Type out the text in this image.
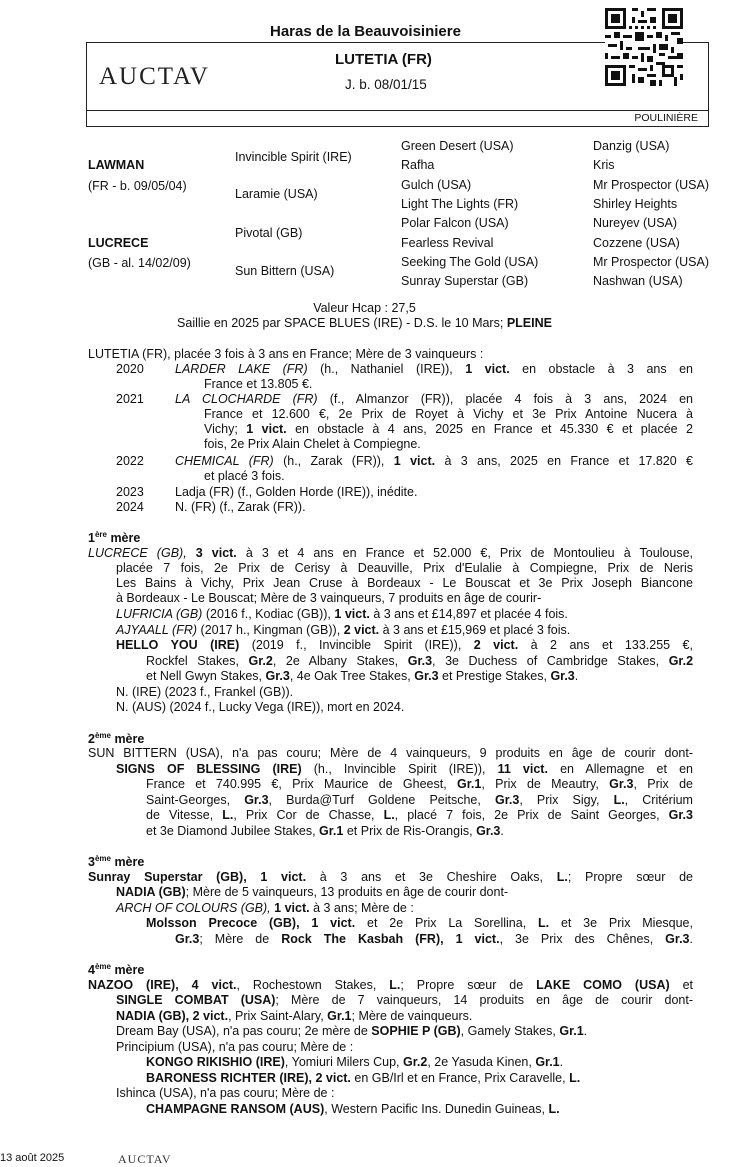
Haras de la Beauvoisiniere
AUCTAV
LUTETIA (FR)
J. b. 08/01/15
POULINIÈRE
LAWMAN
(FR - b. 09/05/04)
LUCRECE
(GB - al. 14/02/09)
Invincible Spirit (IRE)
Laramie (USA)
Pivotal (GB)
Sun Bittern (USA)
Green Desert (USA)
Rafha
Gulch (USA)
Light The Lights (FR)
Polar Falcon (USA)
Fearless Revival
Seeking The Gold (USA)
Sunray Superstar (GB)
Danzig (USA)
Kris
Mr Prospector (USA)
Shirley Heights
Nureyev (USA)
Cozzene (USA)
Mr Prospector (USA)
Nashwan (USA)
Valeur Hcap : 27,5
Saillie en 2025 par SPACE BLUES (IRE) - D.S. le 10 Mars; PLEINE
LUTETIA (FR), placée 3 fois à 3 ans en France; Mère de 3 vainqueurs :
2020 LARDER LAKE (FR) (h., Nathaniel (IRE)), 1 vict. en obstacle à 3 ans en
France et 13.805 €.
2021 LA CLOCHARDE (FR) (f., Almanzor (FR)), placée 4 fois à 3 ans, 2024 en
France et 12.600 €, 2e Prix de Royet à Vichy et 3e Prix Antoine Nucera à
Vichy; 1 vict. en obstacle à 4 ans, 2025 en France et 45.330 € et placée 2
fois, 2e Prix Alain Chelet à Compiegne.
2022 CHEMICAL (FR) (h., Zarak (FR)), 1 vict. à 3 ans, 2025 en France et 17.820 €
et placé 3 fois.
2023 Ladja (FR) (f., Golden Horde (IRE)), inédite.
2024 N. (FR) (f., Zarak (FR)).
1ère mère
LUCRECE (GB), 3 vict. à 3 et 4 ans en France et 52.000 €, Prix de Montoulieu à Toulouse,
placée 7 fois, 2e Prix de Cerisy à Deauville, Prix d'Eulalie à Compiegne, Prix de Neris
Les Bains à Vichy, Prix Jean Cruse à Bordeaux - Le Bouscat et 3e Prix Joseph Biancone
à Bordeaux - Le Bouscat; Mère de 3 vainqueurs, 7 produits en âge de courir-
LUFRICIA (GB) (2016 f., Kodiac (GB)), 1 vict. à 3 ans et £14,897 et placée 4 fois.
AJYAALL (FR) (2017 h., Kingman (GB)), 2 vict. à 3 ans et £15,969 et placé 3 fois.
HELLO YOU (IRE) (2019 f., Invincible Spirit (IRE)), 2 vict. à 2 ans et 133.255 €,
Rockfel Stakes, Gr.2, 2e Albany Stakes, Gr.3, 3e Duchess of Cambridge Stakes, Gr.2
et Nell Gwyn Stakes, Gr.3, 4e Oak Tree Stakes, Gr.3 et Prestige Stakes, Gr.3.
N. (IRE) (2023 f., Frankel (GB)).
N. (AUS) (2024 f., Lucky Vega (IRE)), mort en 2024.
2ème mère
SUN BITTERN (USA), n'a pas couru; Mère de 4 vainqueurs, 9 produits en âge de courir dont-
SIGNS OF BLESSING (IRE) (h., Invincible Spirit (IRE)), 11 vict. en Allemagne et en
France et 740.995 €, Prix Maurice de Gheest, Gr.1, Prix de Meautry, Gr.3, Prix de
Saint-Georges, Gr.3, Burda@Turf Goldene Peitsche, Gr.3, Prix Sigy, L., Critérium
de Vitesse, L., Prix Cor de Chasse, L., placé 7 fois, 2e Prix de Saint Georges, Gr.3
et 3e Diamond Jubilee Stakes, Gr.1 et Prix de Ris-Orangis, Gr.3.
3ème mère
Sunray Superstar (GB), 1 vict. à 3 ans et 3e Cheshire Oaks, L.; Propre sœur de
NADIA (GB); Mère de 5 vainqueurs, 13 produits en âge de courir dont-
ARCH OF COLOURS (GB), 1 vict. à 3 ans; Mère de :
Molsson Precoce (GB), 1 vict. et 2e Prix La Sorellina, L. et 3e Prix Miesque,
Gr.3; Mère de Rock The Kasbah (FR), 1 vict., 3e Prix des Chênes, Gr.3.
4ème mère
NAZOO (IRE), 4 vict., Rochestown Stakes, L.; Propre sœur de LAKE COMO (USA) et
SINGLE COMBAT (USA); Mère de 7 vainqueurs, 14 produits en âge de courir dont-
NADIA (GB), 2 vict., Prix Saint-Alary, Gr.1; Mère de vainqueurs.
Dream Bay (USA), n'a pas couru; 2e mère de SOPHIE P (GB), Gamely Stakes, Gr.1.
Principium (USA), n'a pas couru; Mère de :
KONGO RIKISHIO (IRE), Yomiuri Milers Cup, Gr.2, 2e Yasuda Kinen, Gr.1.
BARONESS RICHTER (IRE), 2 vict. en GB/Irl et en France, Prix Caravelle, L.
Ishinca (USA), n'a pas couru; Mère de :
CHAMPAGNE RANSOM (AUS), Western Pacific Ins. Dunedin Guineas, L.
13 août 2025	AUCTAV
